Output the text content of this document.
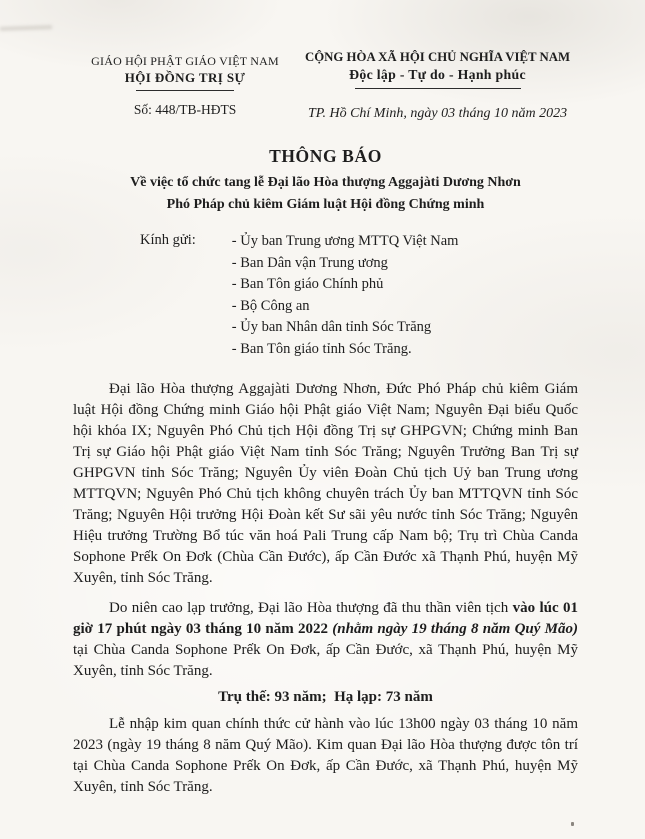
GIÁO HỘI PHẬT GIÁO VIỆT NAM
HỘI ĐỒNG TRỊ SỰ
Số: 448/TB-HĐTS
CỘNG HÒA XÃ HỘI CHỦ NGHĨA VIỆT NAM
Độc lập - Tự do - Hạnh phúc
TP. Hồ Chí Minh, ngày 03 tháng 10 năm 2023
THÔNG BÁO
Về việc tổ chức tang lễ Đại lão Hòa thượng Aggajàti Dương Nhơn
Phó Pháp chủ kiêm Giám luật Hội đồng Chứng minh
Kính gửi: - Ủy ban Trung ương MTTQ Việt Nam
- Ban Dân vận Trung ương
- Ban Tôn giáo Chính phủ
- Bộ Công an
- Ủy ban Nhân dân tỉnh Sóc Trăng
- Ban Tôn giáo tỉnh Sóc Trăng.

Đại lão Hòa thượng Aggajàti Dương Nhơn, Đức Phó Pháp chủ kiêm Giám luật Hội đồng Chứng minh Giáo hội Phật giáo Việt Nam; Nguyên Đại biểu Quốc hội khóa IX; Nguyên Phó Chủ tịch Hội đồng Trị sự GHPGVN; Chứng minh Ban Trị sự Giáo hội Phật giáo Việt Nam tỉnh Sóc Trăng; Nguyên Trưởng Ban Trị sự GHPGVN tỉnh Sóc Trăng; Nguyên Ủy viên Đoàn Chủ tịch Uỷ ban Trung ương MTTQVN; Nguyên Phó Chủ tịch không chuyên trách Ủy ban MTTQVN tỉnh Sóc Trăng; Nguyên Hội trưởng Hội Đoàn kết Sư sãi yêu nước tỉnh Sóc Trăng; Nguyên Hiệu trưởng Trường Bổ túc văn hoá Pali Trung cấp Nam bộ; Trụ trì Chùa Canda Sophone Prếk On Đơk (Chùa Cần Đước), ấp Cần Đước xã Thạnh Phú, huyện Mỹ Xuyên, tỉnh Sóc Trăng.

Do niên cao lạp trưởng, Đại lão Hòa thượng đã thu thần viên tịch vào lúc 01 giờ 17 phút ngày 03 tháng 10 năm 2022 (nhằm ngày 19 tháng 8 năm Quý Mão) tại Chùa Canda Sophone Prếk On Đơk, ấp Cần Đước, xã Thạnh Phú, huyện Mỹ Xuyên, tỉnh Sóc Trăng.

Trụ thế: 93 năm;  Hạ lạp: 73 năm

Lễ nhập kim quan chính thức cử hành vào lúc 13h00 ngày 03 tháng 10 năm 2023 (ngày 19 tháng 8 năm Quý Mão). Kim quan Đại lão Hòa thượng được tôn trí tại Chùa Canda Sophone Prếk On Đơk, ấp Cần Đước, xã Thạnh Phú, huyện Mỹ Xuyên, tỉnh Sóc Trăng.
